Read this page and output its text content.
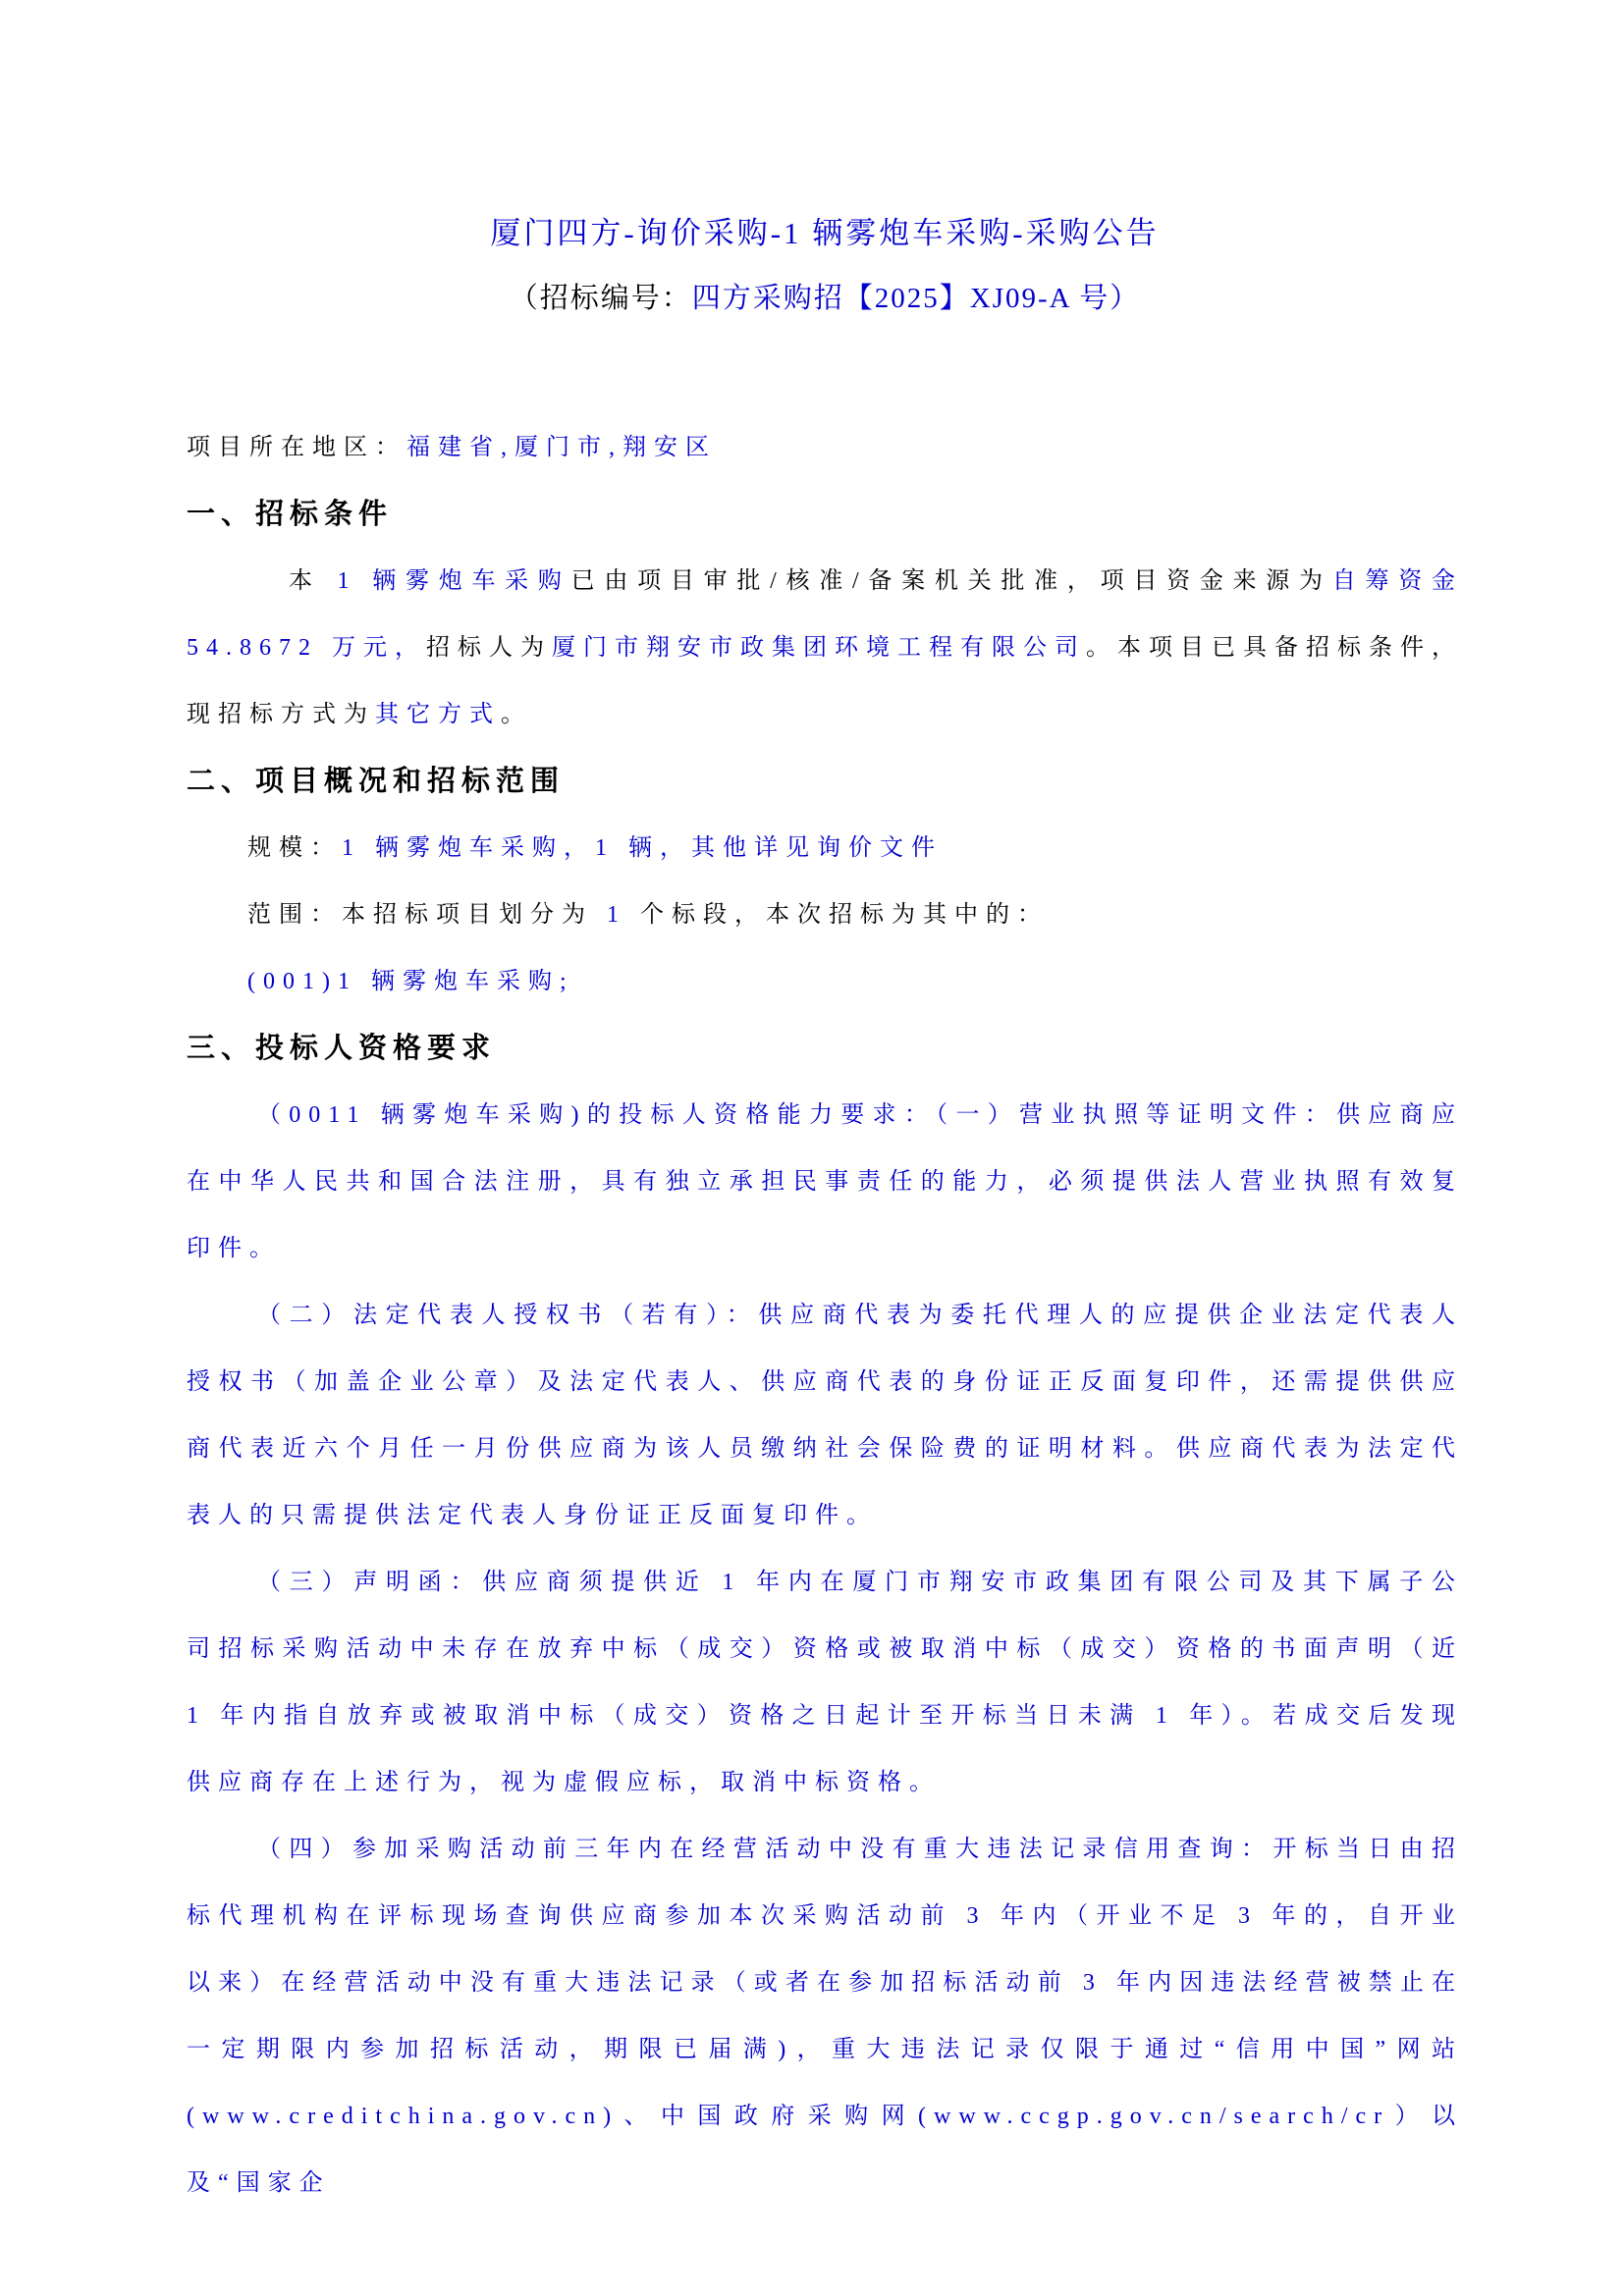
厦门四方-询价采购-1 辆雾炮车采购-采购公告
（招标编号：四方采购招【2025】XJ09-A 号）

项目所在地区：福建省,厦门市,翔安区

一、招标条件

本 1 辆雾炮车采购已由项目审批/核准/备案机关批准，项目资金来源为自筹资金 54.8672 万元，招标人为厦门市翔安市政集团环境工程有限公司。本项目已具备招标条件，现招标方式为其它方式。

二、项目概况和招标范围

规模：1 辆雾炮车采购，1 辆，其他详见询价文件

范围：本招标项目划分为 1 个标段，本次招标为其中的：

(001)1 辆雾炮车采购;

三、投标人资格要求

（0011 辆雾炮车采购)的投标人资格能力要求：（一）营业执照等证明文件：供应商应在中华人民共和国合法注册，具有独立承担民事责任的能力，必须提供法人营业执照有效复印件。

（二）法定代表人授权书（若有）：供应商代表为委托代理人的应提供企业法定代表人授权书（加盖企业公章）及法定代表人、供应商代表的身份证正反面复印件，还需提供供应商代表近六个月任一月份供应商为该人员缴纳社会保险费的证明材料。供应商代表为法定代表人的只需提供法定代表人身份证正反面复印件。

（三）声明函：供应商须提供近 1 年内在厦门市翔安市政集团有限公司及其下属子公司招标采购活动中未存在放弃中标（成交）资格或被取消中标（成交）资格的书面声明（近 1 年内指自放弃或被取消中标（成交）资格之日起计至开标当日未满 1 年）。若成交后发现供应商存在上述行为，视为虚假应标，取消中标资格。

（四）参加采购活动前三年内在经营活动中没有重大违法记录信用查询：开标当日由招标代理机构在评标现场查询供应商参加本次采购活动前 3 年内（开业不足 3 年的，自开业以来）在经营活动中没有重大违法记录（或者在参加招标活动前 3 年内因违法经营被禁止在一定期限内参加招标活动，期限已届满)，重大违法记录仅限于通过“信用中国”网站(www.creditchina.gov.cn)、中国政府采购网(www.ccgp.gov.cn/search/cr）以及“国家企
